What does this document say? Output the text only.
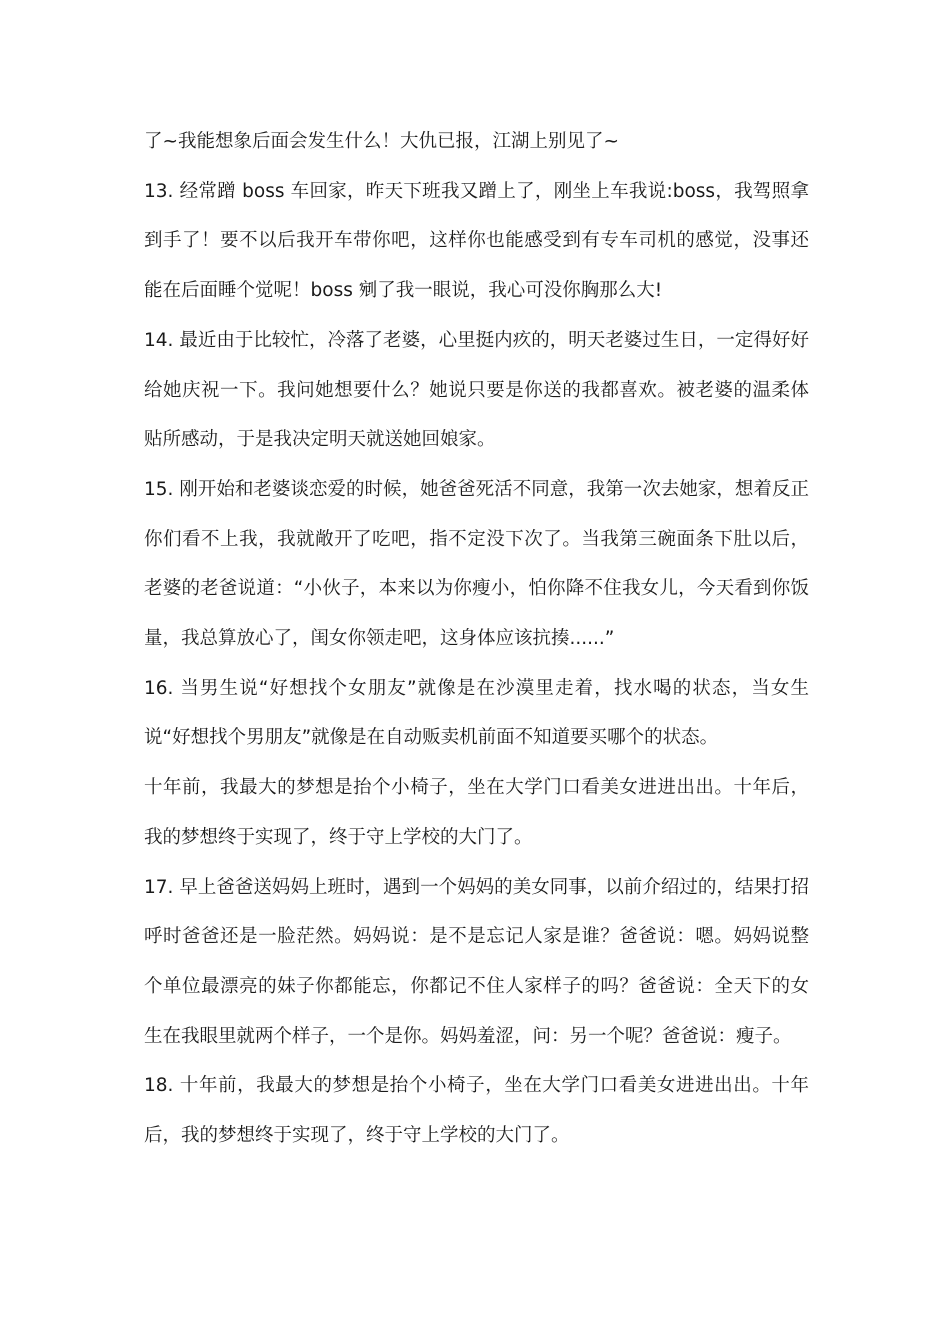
了~我能想象后面会发生什么！大仇已报，江湖上别见了~

13. 经常蹭 boss 车回家，昨天下班我又蹭上了，刚坐上车我说:boss，我驾照拿到手了！要不以后我开车带你吧，这样你也能感受到有专车司机的感觉，没事还能在后面睡个觉呢！boss 剜了我一眼说，我心可没你胸那么大!

14. 最近由于比较忙，冷落了老婆，心里挺内疚的，明天老婆过生日，一定得好好给她庆祝一下。我问她想要什么？她说只要是你送的我都喜欢。被老婆的温柔体贴所感动，于是我决定明天就送她回娘家。

15. 刚开始和老婆谈恋爱的时候，她爸爸死活不同意，我第一次去她家，想着反正你们看不上我，我就敞开了吃吧，指不定没下次了。当我第三碗面条下肚以后，老婆的老爸说道：“小伙子，本来以为你瘦小，怕你降不住我女儿，今天看到你饭量，我总算放心了，闺女你领走吧，这身体应该抗揍......”

16. 当男生说“好想找个女朋友”就像是在沙漠里走着，找水喝的状态，当女生说“好想找个男朋友”就像是在自动贩卖机前面不知道要买哪个的状态。

十年前，我最大的梦想是抬个小椅子，坐在大学门口看美女进进出出。十年后，我的梦想终于实现了，终于守上学校的大门了。

17. 早上爸爸送妈妈上班时，遇到一个妈妈的美女同事，以前介绍过的，结果打招呼时爸爸还是一脸茫然。妈妈说：是不是忘记人家是谁？爸爸说：嗯。妈妈说整个单位最漂亮的妹子你都能忘，你都记不住人家样子的吗？爸爸说：全天下的女生在我眼里就两个样子，一个是你。妈妈羞涩，问：另一个呢？爸爸说：瘦子。

18. 十年前，我最大的梦想是抬个小椅子，坐在大学门口看美女进进出出。十年后，我的梦想终于实现了，终于守上学校的大门了。
